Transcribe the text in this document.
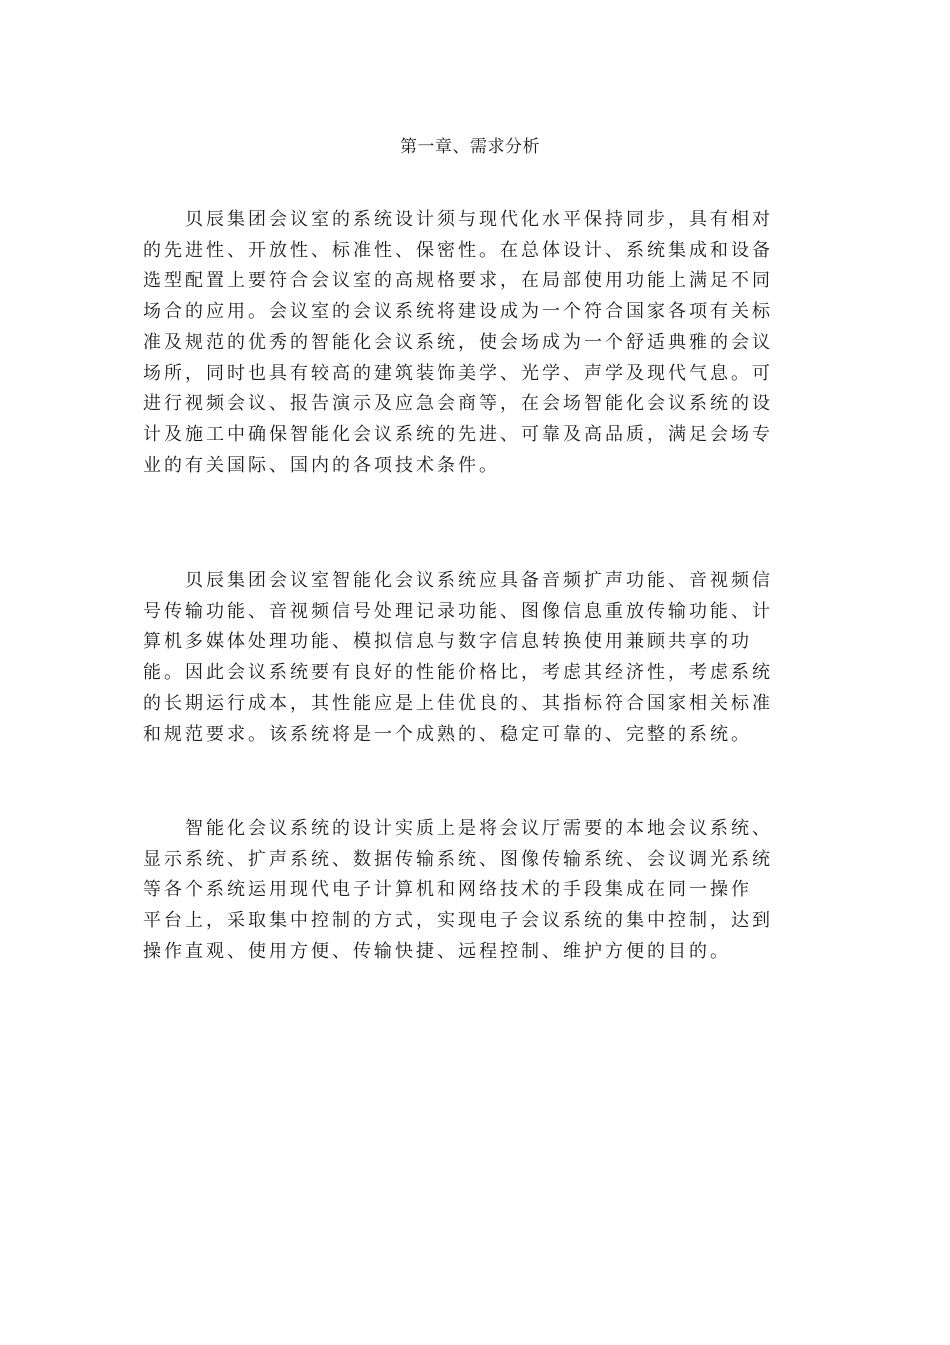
第一章、需求分析

　　贝辰集团会议室的系统设计须与现代化水平保持同步，具有相对
的先进性、开放性、标准性、保密性。在总体设计、系统集成和设备
选型配置上要符合会议室的高规格要求，在局部使用功能上满足不同
场合的应用。会议室的会议系统将建设成为一个符合国家各项有关标
准及规范的优秀的智能化会议系统，使会场成为一个舒适典雅的会议
场所，同时也具有较高的建筑装饰美学、光学、声学及现代气息。可
进行视频会议、报告演示及应急会商等，在会场智能化会议系统的设
计及施工中确保智能化会议系统的先进、可靠及高品质，满足会场专
业的有关国际、国内的各项技术条件。

　　贝辰集团会议室智能化会议系统应具备音频扩声功能、音视频信
号传输功能、音视频信号处理记录功能、图像信息重放传输功能、计
算机多媒体处理功能、模拟信息与数字信息转换使用兼顾共享的功
能。因此会议系统要有良好的性能价格比，考虑其经济性，考虑系统
的长期运行成本，其性能应是上佳优良的、其指标符合国家相关标准
和规范要求。该系统将是一个成熟的、稳定可靠的、完整的系统。

　　智能化会议系统的设计实质上是将会议厅需要的本地会议系统、
显示系统、扩声系统、数据传输系统、图像传输系统、会议调光系统
等各个系统运用现代电子计算机和网络技术的手段集成在同一操作
平台上，采取集中控制的方式，实现电子会议系统的集中控制，达到
操作直观、使用方便、传输快捷、远程控制、维护方便的目的。
